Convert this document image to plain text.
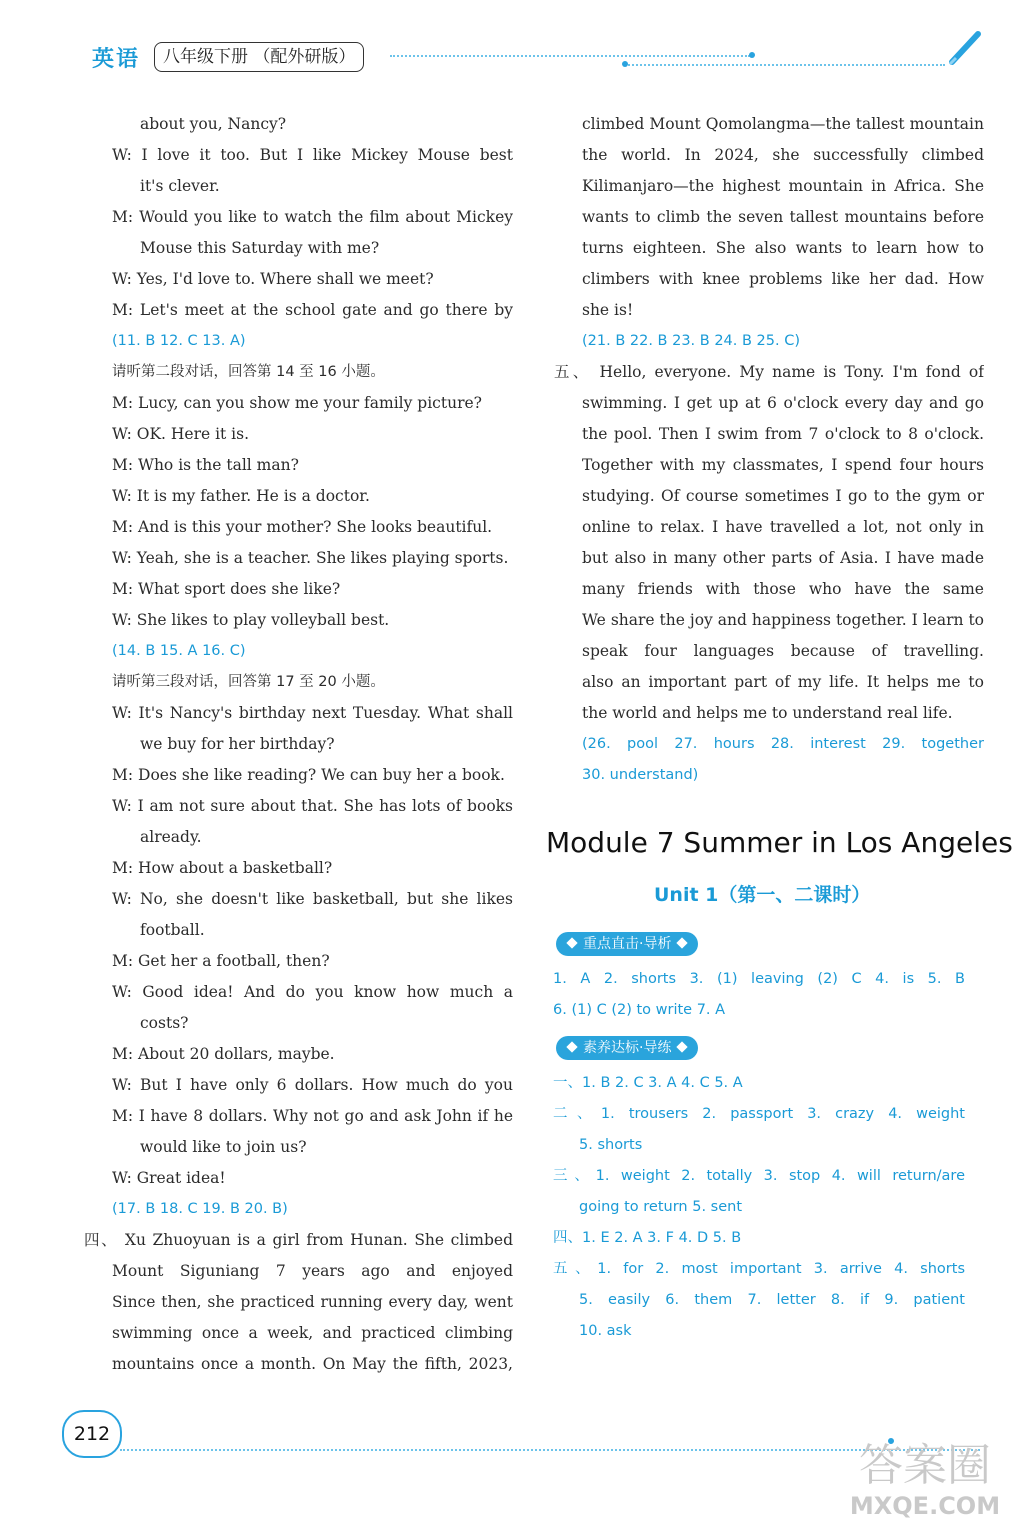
英语	八年级下册 （配外研版）
about you, Nancy?
W: I love it too. But I like Mickey Mouse best
it's clever.
M: Would you like to watch the film about Mickey
Mouse this Saturday with me?
W: Yes, I'd love to. Where shall we meet?
M: Let's meet at the school gate and go there by
(11. B 12. C 13. A)
请听第二段对话，回答第 14 至 16 小题。
M: Lucy, can you show me your family picture?
W: OK. Here it is.
M: Who is the tall man?
W: It is my father. He is a doctor.
M: And is this your mother? She looks beautiful.
W: Yeah, she is a teacher. She likes playing sports.
M: What sport does she like?
W: She likes to play volleyball best.
(14. B 15. A 16. C)
请听第三段对话，回答第 17 至 20 小题。
W: It's Nancy's birthday next Tuesday. What shall
we buy for her birthday?
M: Does she like reading? We can buy her a book.
W: I am not sure about that. She has lots of books
already.
M: How about a basketball?
W: No, she doesn't like basketball, but she likes
football.
M: Get her a football, then?
W: Good idea! And do you know how much a
costs?
M: About 20 dollars, maybe.
W: But I have only 6 dollars. How much do you
M: I have 8 dollars. Why not go and ask John if he
would like to join us?
W: Great idea!
(17. B 18. C 19. B 20. B)
四、 Xu Zhuoyuan is a girl from Hunan. She climbed
Mount Siguniang 7 years ago and enjoyed
Since then, she practiced running every day, went
swimming once a week, and practiced climbing
mountains once a month. On May the fifth, 2023,
climbed Mount Qomolangma—the tallest mountain
the world. In 2024, she successfully climbed
Kilimanjaro—the highest mountain in Africa. She
wants to climb the seven tallest mountains before
turns eighteen. She also wants to learn how to
climbers with knee problems like her dad. How
she is!
(21. B 22. B 23. B 24. B 25. C)
五、 Hello, everyone. My name is Tony. I'm fond of
swimming. I get up at 6 o'clock every day and go
the pool. Then I swim from 7 o'clock to 8 o'clock.
Together with my classmates, I spend four hours
studying. Of course sometimes I go to the gym or
online to relax. I have travelled a lot, not only in
but also in many other parts of Asia. I have made
many friends with those who have the same
We share the joy and happiness together. I learn to
speak four languages because of travelling.
also an important part of my life. It helps me to
the world and helps me to understand real life.
(26. pool 27. hours 28. interest 29. together
30. understand)
Module 7 Summer in Los Angeles
Unit 1（第一、二课时）
重点直击·导析
1. A 2. shorts 3. (1) leaving (2) C 4. is 5. B
6. (1) C (2) to write 7. A
素养达标·导练
一、1. B 2. C 3. A 4. C 5. A
二、1. trousers 2. passport 3. crazy 4. weight
5. shorts
三、1. weight 2. totally 3. stop 4. will return/are
going to return 5. sent
四、1. E 2. A 3. F 4. D 5. B
五、1. for 2. most important 3. arrive 4. shorts
5. easily 6. them 7. letter 8. if 9. patient
10. ask
212
答案圈
MXQE.COM
